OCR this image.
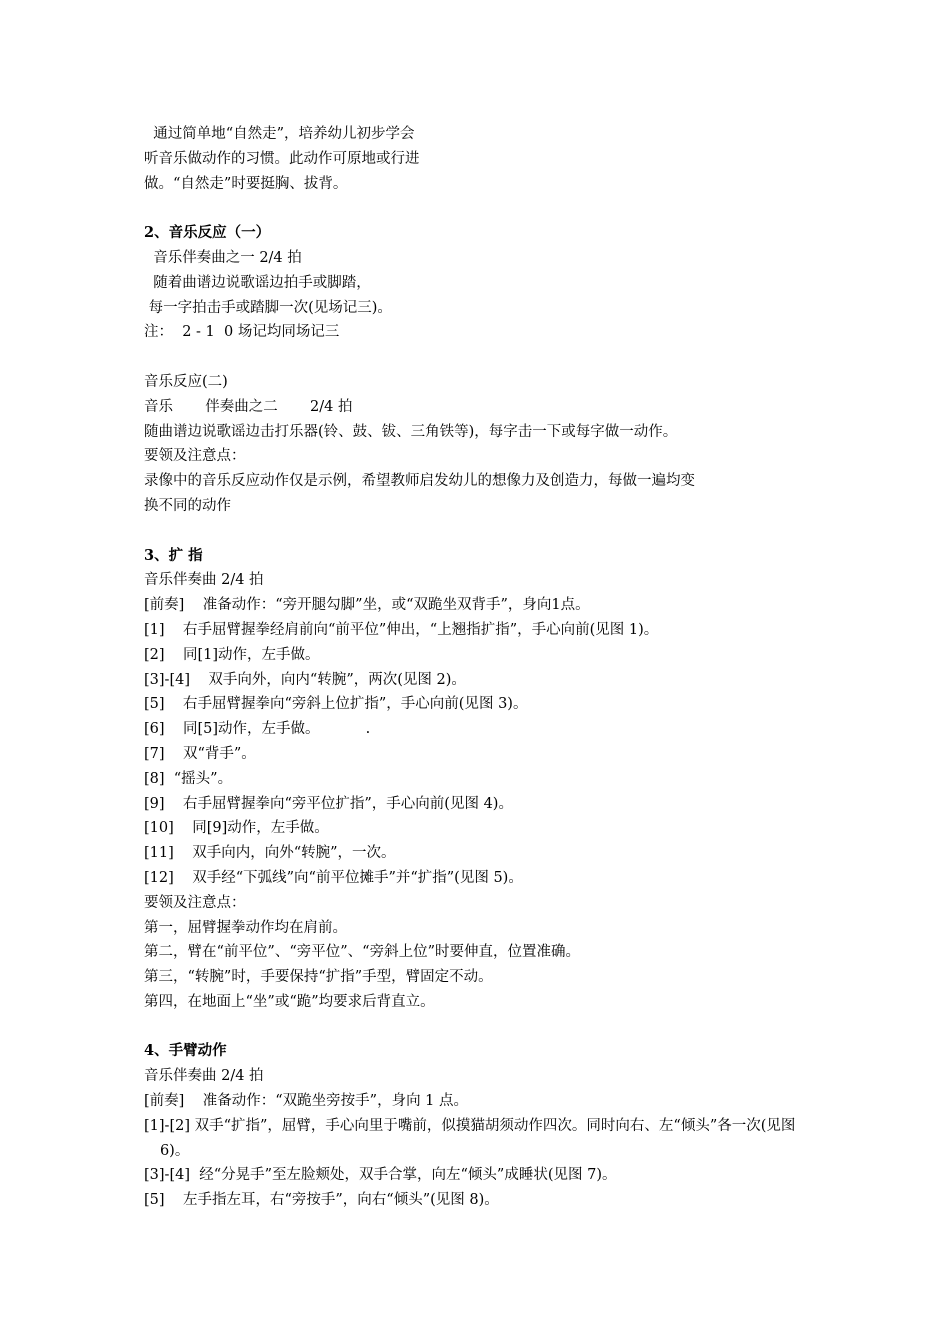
通过简单地“自然走”，培养幼儿初步学会
听音乐做动作的习惯。此动作可原地或行进
做。“自然走”时要挺胸、拔背。
2、音乐反应（一）
音乐伴奏曲之一 2/4 拍
随着曲谱边说歌谣边拍手或脚踏，
每一字拍击手或踏脚一次(见场记三)。
注：  2 - 1  0 场记均同场记三
音乐反应(二)
音乐       伴奏曲之二       2/4 拍
随曲谱边说歌谣边击打乐器(铃、鼓、钹、三角铁等)，每字击一下或每字做一动作。
要领及注意点：
录像中的音乐反应动作仅是示例，希望教师启发幼儿的想像力及创造力，每做一遍均变
换不同的动作
3、扩 指
音乐伴奏曲 2/4 拍
[前奏]    准备动作：“旁开腿勾脚”坐，或“双跪坐双背手”，身向1点。
[1]    右手屈臂握拳经肩前向“前平位”伸出，“上翘指扩指”，手心向前(见图 1)。
[2]    同[1]动作，左手做。
[3]-[4]    双手向外，向内“转腕”，两次(见图 2)。
[5]    右手屈臂握拳向“旁斜上位扩指”，手心向前(见图 3)。
[6]    同[5]动作，左手做。          .
[7]    双“背手”。
[8]  “摇头”。
[9]    右手屈臂握拳向“旁平位扩指”，手心向前(见图 4)。
[10]    同[9]动作，左手做。
[11]    双手向内，向外“转腕”，一次。
[12]    双手经“下弧线”向“前平位摊手”并“扩指”(见图 5)。
要领及注意点：
第一，屈臂握拳动作均在肩前。
第二，臂在“前平位”、“旁平位”、“旁斜上位”时要伸直，位置准确。
第三，“转腕”时，手要保持“扩指”手型，臂固定不动。
第四，在地面上“坐”或“跪”均要求后背直立。
4、手臂动作
音乐伴奏曲 2/4 拍
[前奏]    准备动作：“双跪坐旁按手”，身向 1 点。
[1]-[2] 双手“扩指”，屈臂，手心向里于嘴前，似摸猫胡须动作四次。同时向右、左“倾头”各一次(见图 6)。
[3]-[4]  经“分晃手”至左脸颊处，双手合掌，向左“倾头”成睡状(见图 7)。
[5]    左手指左耳，右“旁按手”，向右“倾头”(见图 8)。
